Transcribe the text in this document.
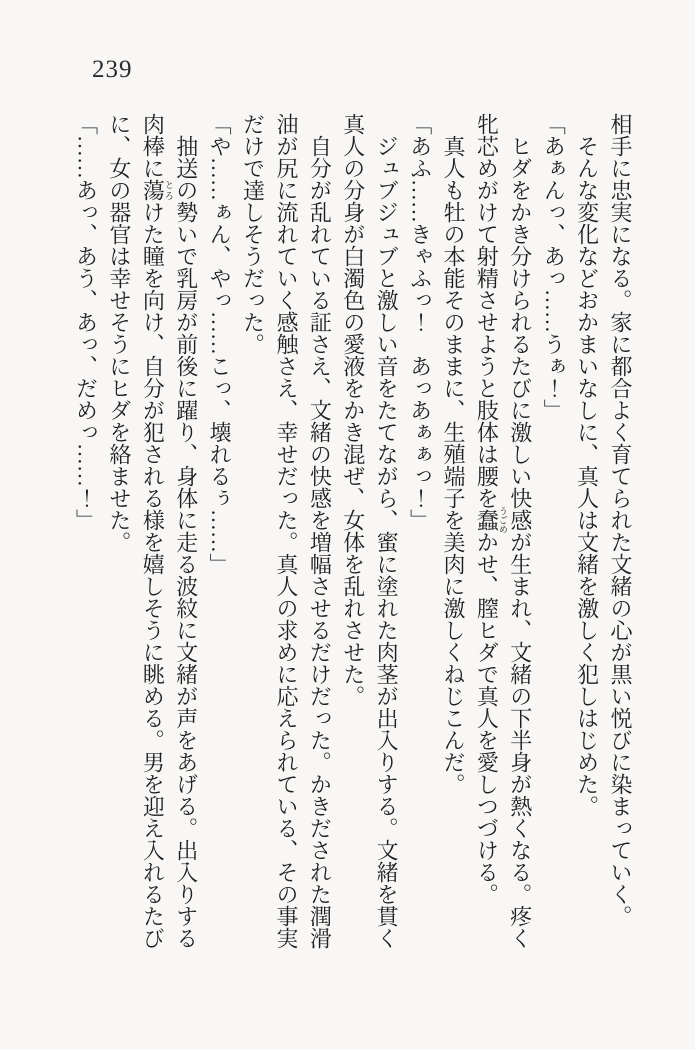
239

相手に忠実になる。家に都合よく育てられた文緒の心が黒い悦びに染まっていく。

そんな変化などおかまいなしに、真人は文緒を激しく犯しはじめた。

「あぁんっ、あっ……うぁ！」

ヒダをかき分けられるたびに激しい快感が生まれ、文緒の下半身が熱くなる。疼く牝芯めがけて射精させようと肢体は腰を蠢うごめかせ、膣ヒダで真人を愛しつづける。

真人も牡の本能そのままに、生殖端子を美肉に激しくねじこんだ。

「あふ……きゃふっ！　あっあぁぁっ！」

ジュブジュブと激しい音をたてながら、蜜に塗れた肉茎が出入りする。文緒を貫く真人の分身が白濁色の愛液をかき混ぜ、女体を乱れさせた。

自分が乱れている証さえ、文緒の快感を増幅させるだけだった。かきだされた潤滑油が尻に流れていく感触さえ、幸せだった。真人の求めに応えられている、その事実だけで達しそうだった。

「や……ぁん、やっ……こっ、壊れるぅ……」

抽送の勢いで乳房が前後に躍り、身体に走る波紋に文緒が声をあげる。出入りする肉棒に蕩とろけた瞳を向け、自分が犯される様を嬉しそうに眺める。男を迎え入れるたびに、女の器官は幸せそうにヒダを絡ませた。

「……あっ、あう、あっ、だめっ……！」
